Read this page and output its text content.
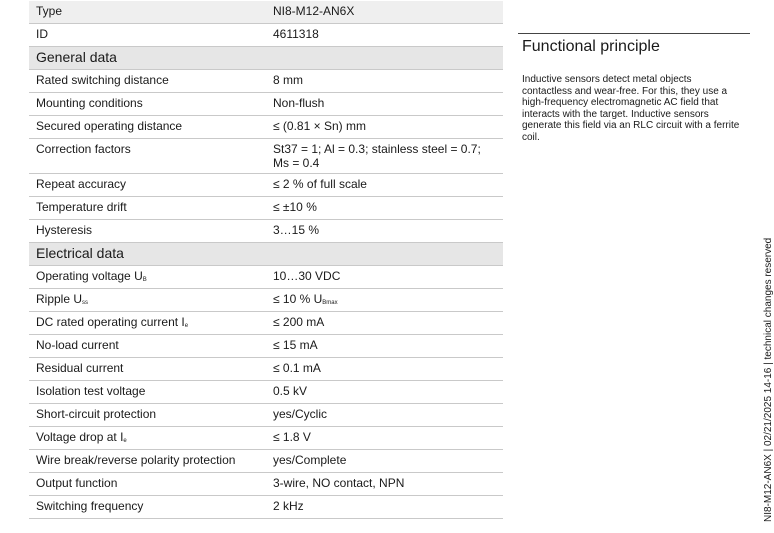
Type	NI8-M12-AN6X
ID	4611318
General data	
Rated switching distance	8 mm
Mounting conditions	Non-flush
Secured operating distance	≤ (0.81 × Sn) mm
Correction factors	St37 = 1; Al = 0.3; stainless steel = 0.7; Ms = 0.4
Repeat accuracy	≤ 2 % of full scale
Temperature drift	≤ ±10 %
Hysteresis	3…15 %
Electrical data	
Operating voltage $U_B$	10…30 VDC
Ripple $U_{ss}$	≤ 10 % $U_{Bmax}$
DC rated operating current $I_e$	≤ 200 mA
No-load current	≤ 15 mA
Residual current	≤ 0.1 mA
Isolation test voltage	0.5 kV
Short-circuit protection	yes/Cyclic
Voltage drop at $I_e$	≤ 1.8 V
Wire break/reverse polarity protection	yes/Complete
Output function	3-wire, NO contact, NPN
Switching frequency	2 kHz
Functional principle
Inductive sensors detect metal objects contactless and wear-free. For this, they use a high-frequency electromagnetic AC field that interacts with the target. Inductive sensors generate this field via an RLC circuit with a ferrite coil.
NI8-M12-AN6X | 02/21/2025 14-16 | technical changes reserved
